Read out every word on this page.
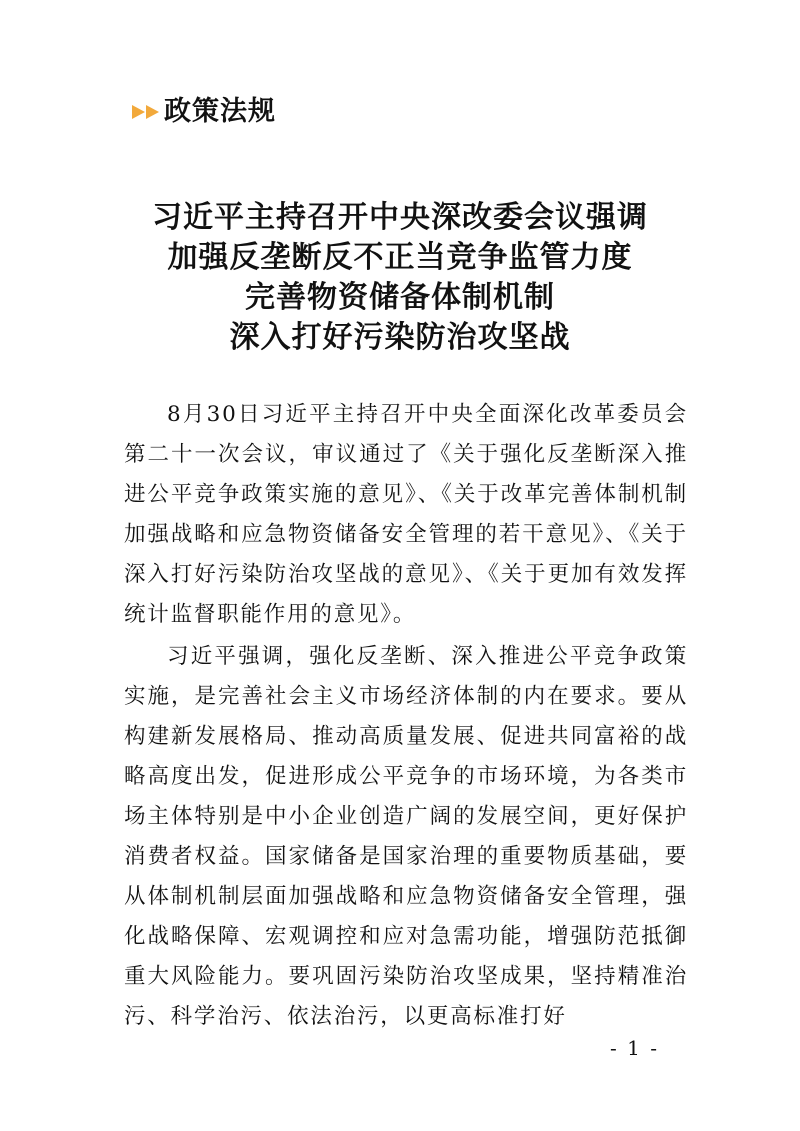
政策法规
习近平主持召开中央深改委会议强调
加强反垄断反不正当竞争监管力度
完善物资储备体制机制
深入打好污染防治攻坚战

8月30日习近平主持召开中央全面深化改革委员会第二十一次会议，审议通过了《关于强化反垄断深入推进公平竞争政策实施的意见》、《关于改革完善体制机制加强战略和应急物资储备安全管理的若干意见》、《关于深入打好污染防治攻坚战的意见》、《关于更加有效发挥统计监督职能作用的意见》。

习近平强调，强化反垄断、深入推进公平竞争政策实施，是完善社会主义市场经济体制的内在要求。要从构建新发展格局、推动高质量发展、促进共同富裕的战略高度出发，促进形成公平竞争的市场环境，为各类市场主体特别是中小企业创造广阔的发展空间，更好保护消费者权益。国家储备是国家治理的重要物质基础，要从体制机制层面加强战略和应急物资储备安全管理，强化战略保障、宏观调控和应对急需功能，增强防范抵御重大风险能力。要巩固污染防治攻坚成果，坚持精准治污、科学治污、依法治污，以更高标准打好

- 1 -
